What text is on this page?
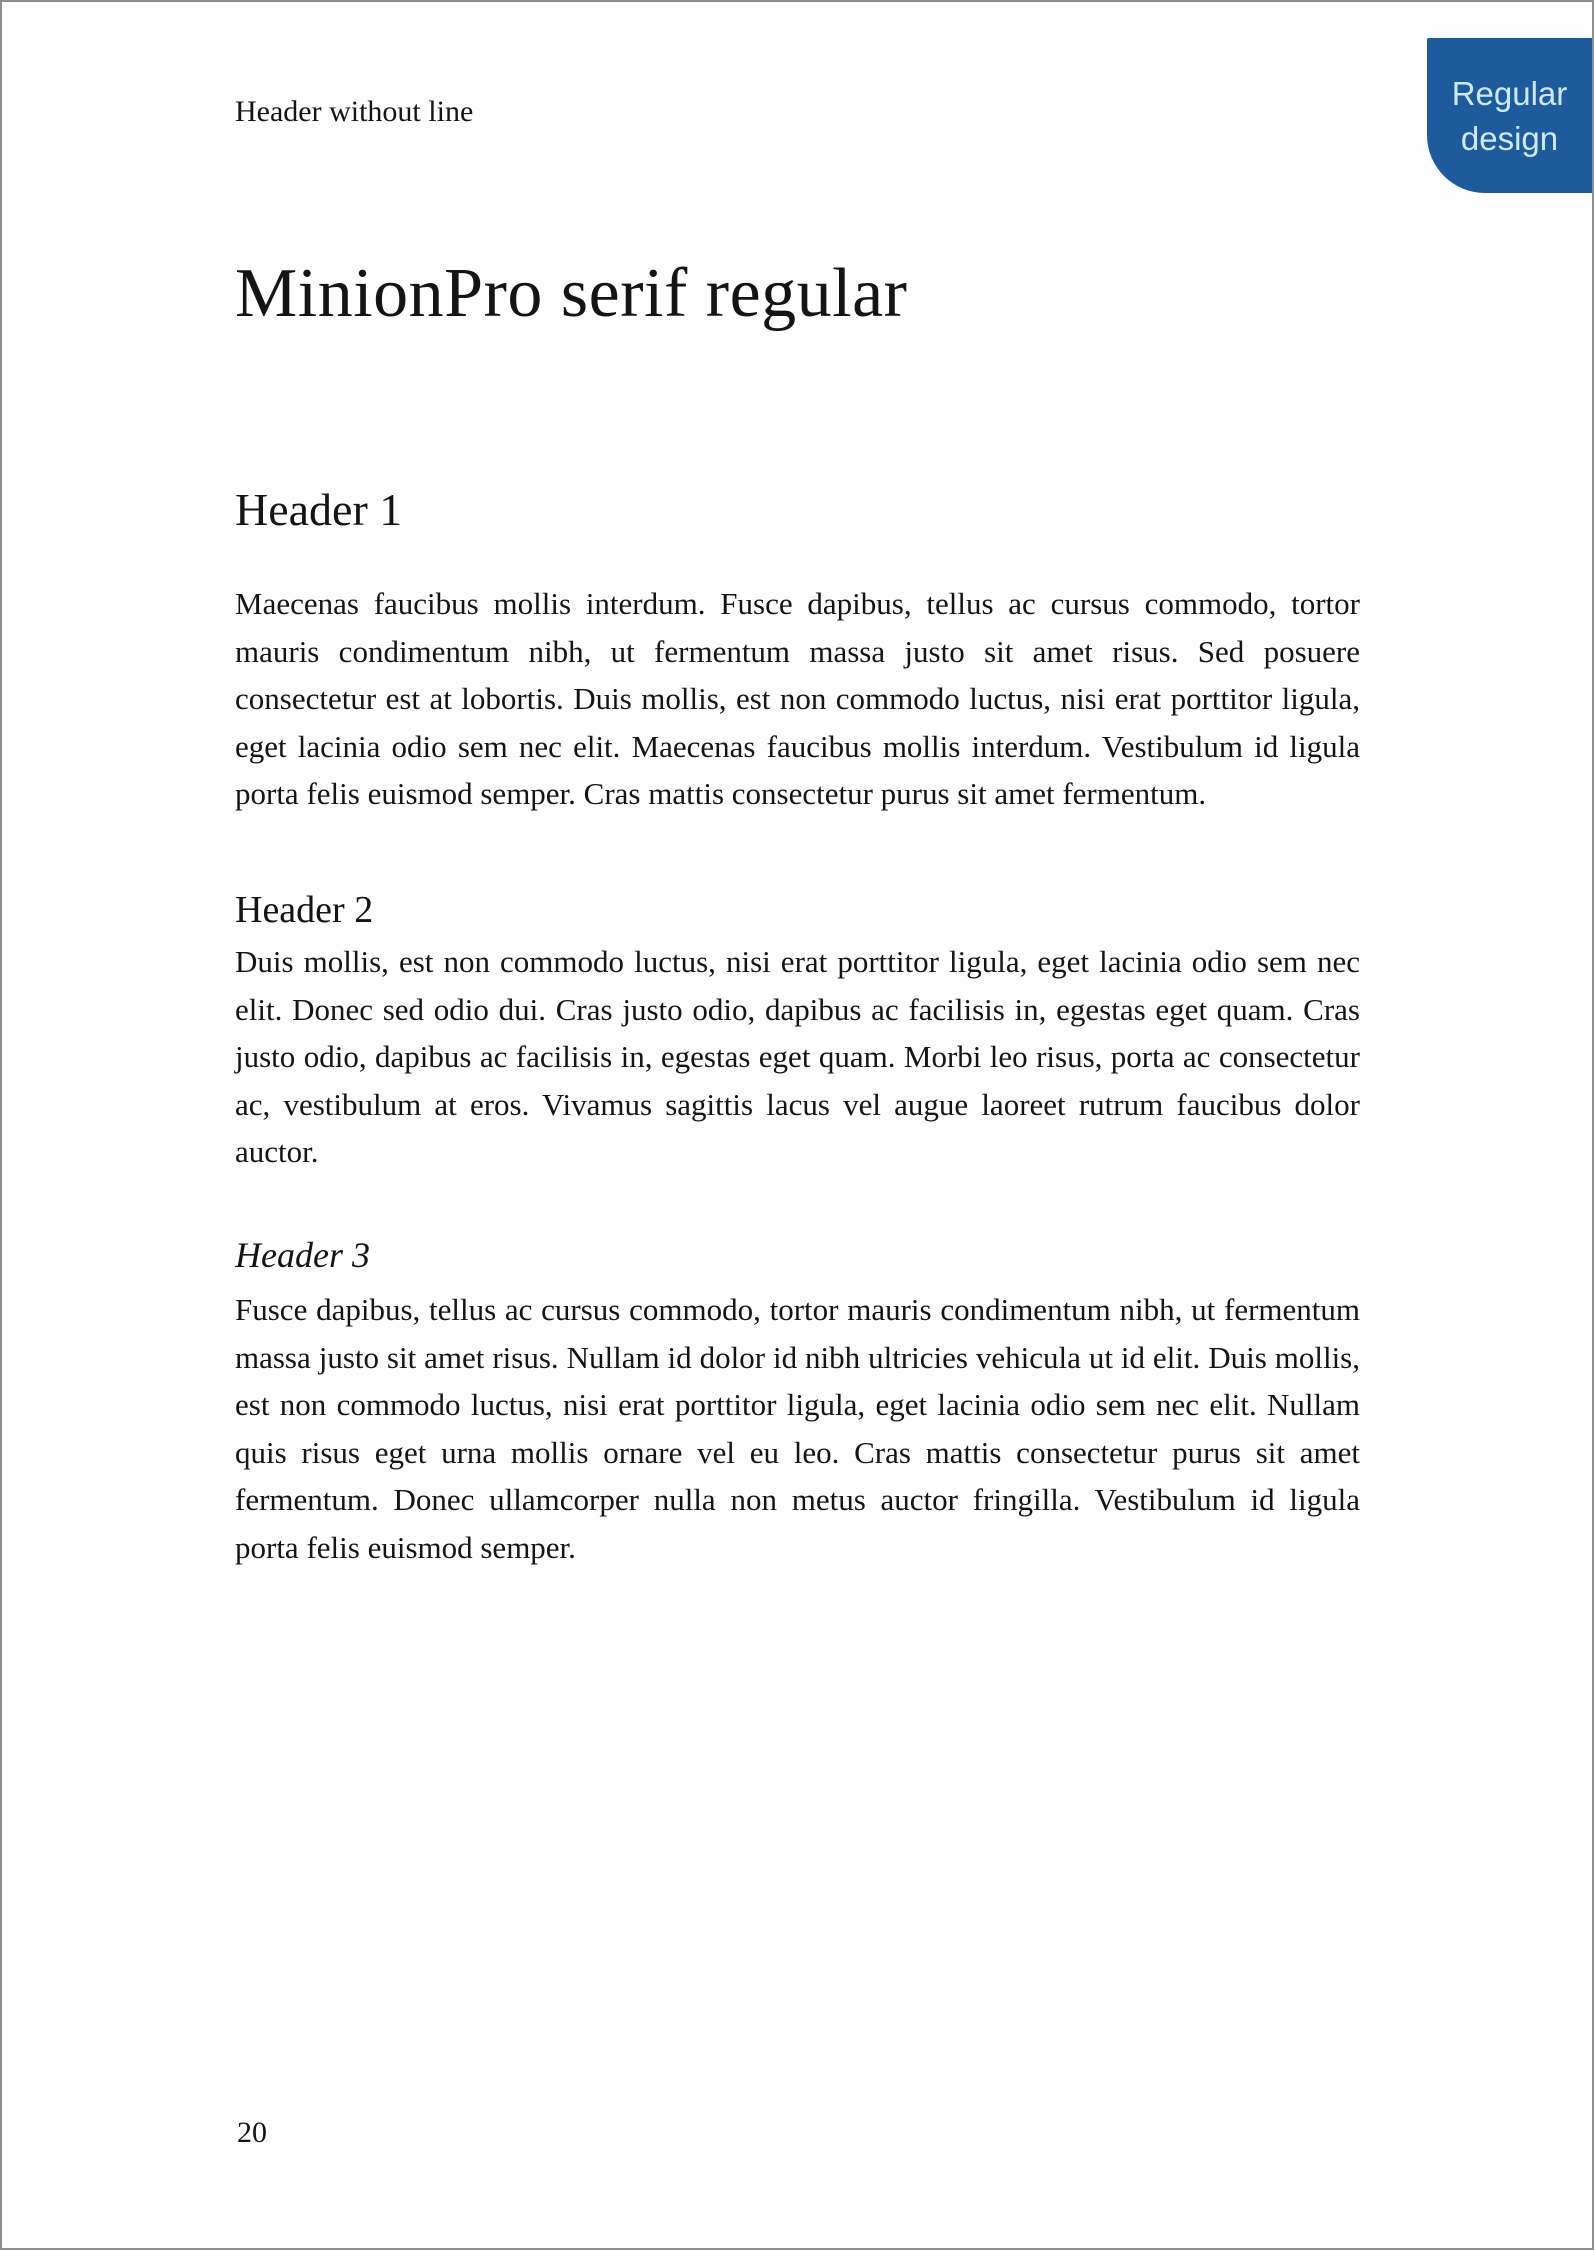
Regular
design
Header without line
MinionPro serif regular
Header 1
Maecenas faucibus mollis interdum. Fusce dapibus, tellus ac cursus commodo, tortor mauris condimentum nibh, ut fermentum massa justo sit amet risus. Sed posuere consectetur est at lobortis. Duis mollis, est non commodo luctus, nisi erat porttitor ligula, eget lacinia odio sem nec elit. Maecenas faucibus mollis interdum. Vestibulum id ligula porta felis euismod semper. Cras mattis consectetur purus sit amet fermentum.
Header 2
Duis mollis, est non commodo luctus, nisi erat porttitor ligula, eget lacinia odio sem nec elit. Donec sed odio dui. Cras justo odio, dapibus ac facilisis in, egestas eget quam. Cras justo odio, dapibus ac facilisis in, egestas eget quam. Morbi leo risus, porta ac consectetur ac, vestibulum at eros. Vivamus sagittis lacus vel augue laoreet rutrum faucibus dolor auctor.
Header 3
Fusce dapibus, tellus ac cursus commodo, tortor mauris condimentum nibh, ut fermentum massa justo sit amet risus. Nullam id dolor id nibh ultricies vehicula ut id elit. Duis mollis, est non commodo luctus, nisi erat porttitor ligula, eget lacinia odio sem nec elit. Nullam quis risus eget urna mollis ornare vel eu leo. Cras mattis consectetur purus sit amet fermentum. Donec ullamcorper nulla non metus auctor fringilla. Vestibulum id ligula porta felis euismod semper.
20
